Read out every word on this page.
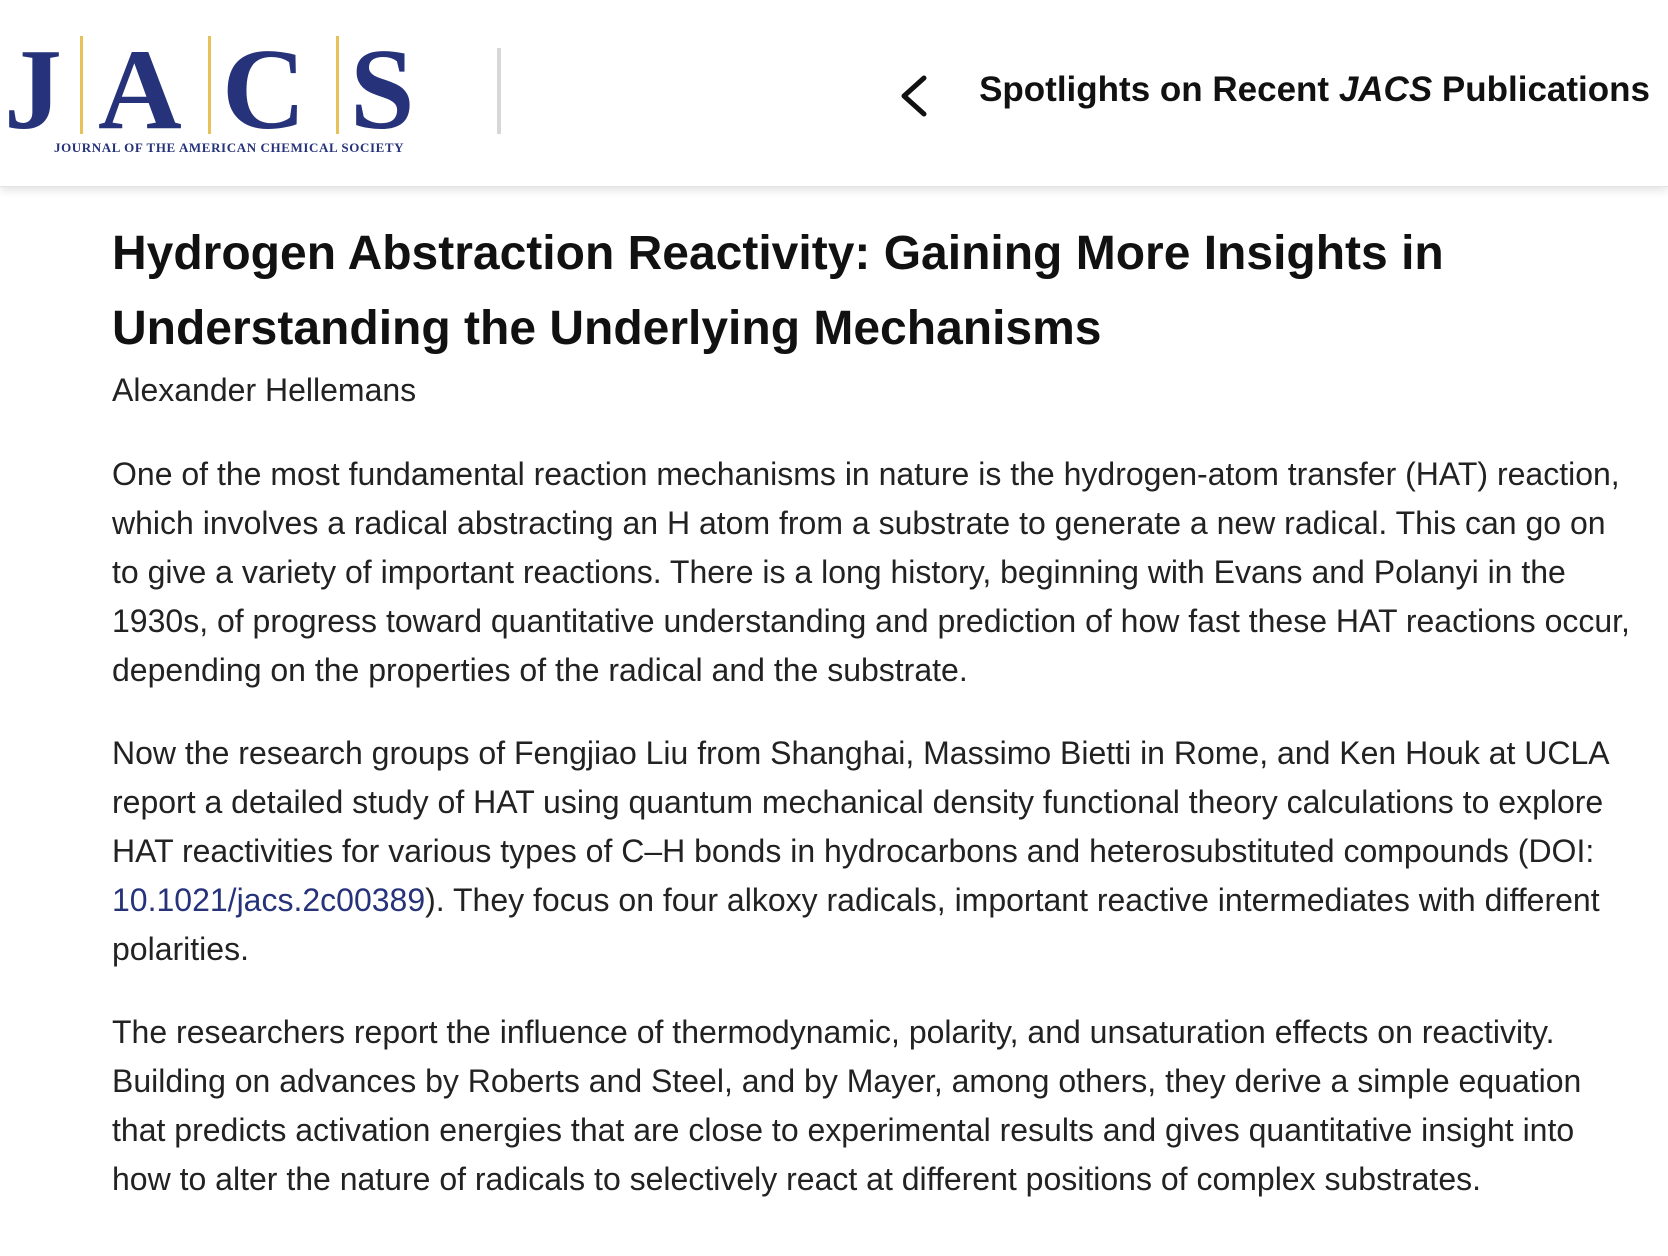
J A C S
JOURNAL OF THE AMERICAN CHEMICAL SOCIETY
Spotlights on Recent JACS Publications
Hydrogen Abstraction Reactivity: Gaining More Insights in Understanding the Underlying Mechanisms
Alexander Hellemans

One of the most fundamental reaction mechanisms in nature is the hydrogen-atom transfer (HAT) reaction, which involves a radical abstracting an H atom from a substrate to generate a new radical. This can go on to give a variety of important reactions. There is a long history, beginning with Evans and Polanyi in the 1930s, of progress toward quantitative understanding and prediction of how fast these HAT reactions occur, depending on the properties of the radical and the substrate.

Now the research groups of Fengjiao Liu from Shanghai, Massimo Bietti in Rome, and Ken Houk at UCLA report a detailed study of HAT using quantum mechanical density functional theory calculations to explore HAT reactivities for various types of C–H bonds in hydrocarbons and heterosubstituted compounds (DOI: 10.1021/jacs.2c00389). They focus on four alkoxy radicals, important reactive intermediates with different polarities.

The researchers report the influence of thermodynamic, polarity, and unsaturation effects on reactivity. Building on advances by Roberts and Steel, and by Mayer, among others, they derive a simple equation that predicts activation energies that are close to experimental results and gives quantitative insight into how to alter the nature of radicals to selectively react at different positions of complex substrates.
